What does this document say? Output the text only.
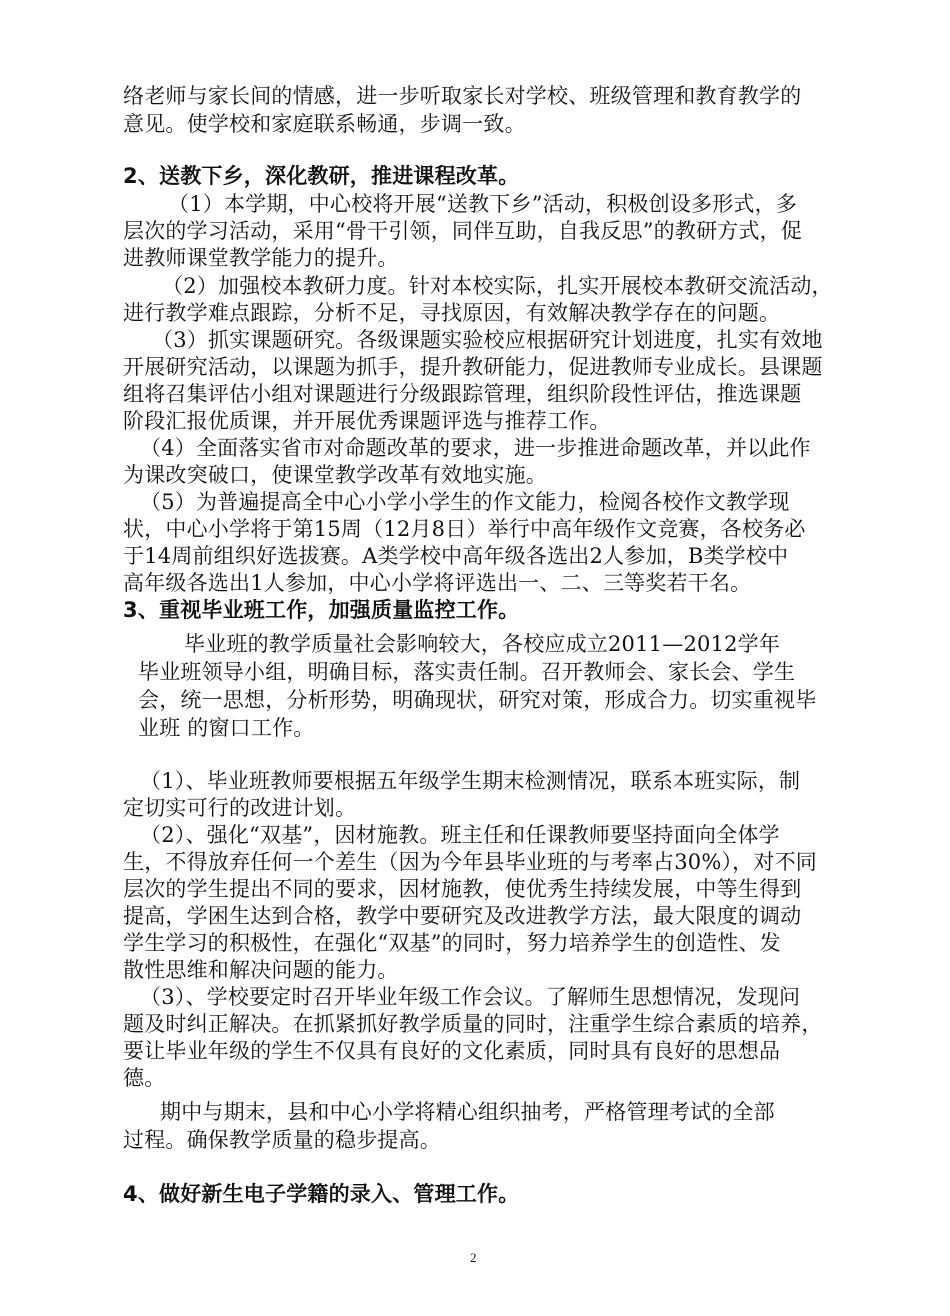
络老师与家长间的情感，进一步听取家长对学校、班级管理和教育教学的

意见。使学校和家庭联系畅通，步调一致。

2、送教下乡，深化教研，推进课程改革。

（1）本学期，中心校将开展“送教下乡”活动，积极创设多形式，多

层次的学习活动，采用“骨干引领，同伴互助，自我反思”的教研方式，促

进教师课堂教学能力的提升。

（2）加强校本教研力度。针对本校实际，扎实开展校本教研交流活动，

进行教学难点跟踪，分析不足，寻找原因，有效解决教学存在的问题。

（3）抓实课题研究。各级课题实验校应根据研究计划进度，扎实有效地

开展研究活动，以课题为抓手，提升教研能力，促进教师专业成长。县课题

组将召集评估小组对课题进行分级跟踪管理，组织阶段性评估，推选课题

阶段汇报优质课，并开展优秀课题评选与推荐工作。

（4）全面落实省市对命题改革的要求，进一步推进命题改革，并以此作

为课改突破口，使课堂教学改革有效地实施。

（5）为普遍提高全中心小学小学生的作文能力，检阅各校作文教学现

状，中心小学将于第15周（12月8日）举行中高年级作文竞赛，各校务必

于14周前组织好选拔赛。A类学校中高年级各选出2人参加，B类学校中

高年级各选出1人参加，中心小学将评选出一、二、三等奖若干名。

3、重视毕业班工作，加强质量监控工作。

毕业班的教学质量社会影响较大，各校应成立2011—2012学年

毕业班领导小组，明确目标，落实责任制。召开教师会、家长会、学生

会，统一思想，分析形势，明确现状，研究对策，形成合力。切实重视毕

业班 的窗口工作。

（1）、毕业班教师要根据五年级学生期末检测情况，联系本班实际，制

定切实可行的改进计划。

（2）、强化“双基”，因材施教。班主任和任课教师要坚持面向全体学

生，不得放弃任何一个差生（因为今年县毕业班的与考率占30%），对不同

层次的学生提出不同的要求，因材施教，使优秀生持续发展，中等生得到

提高，学困生达到合格，教学中要研究及改进教学方法，最大限度的调动

学生学习的积极性，在强化“双基”的同时，努力培养学生的创造性、发

散性思维和解决问题的能力。

（3）、学校要定时召开毕业年级工作会议。了解师生思想情况，发现问

题及时纠正解决。在抓紧抓好教学质量的同时，注重学生综合素质的培养，

要让毕业年级的学生不仅具有良好的文化素质，同时具有良好的思想品

德。

期中与期末，县和中心小学将精心组织抽考，严格管理考试的全部

过程。确保教学质量的稳步提高。

4、做好新生电子学籍的录入、管理工作。

2
